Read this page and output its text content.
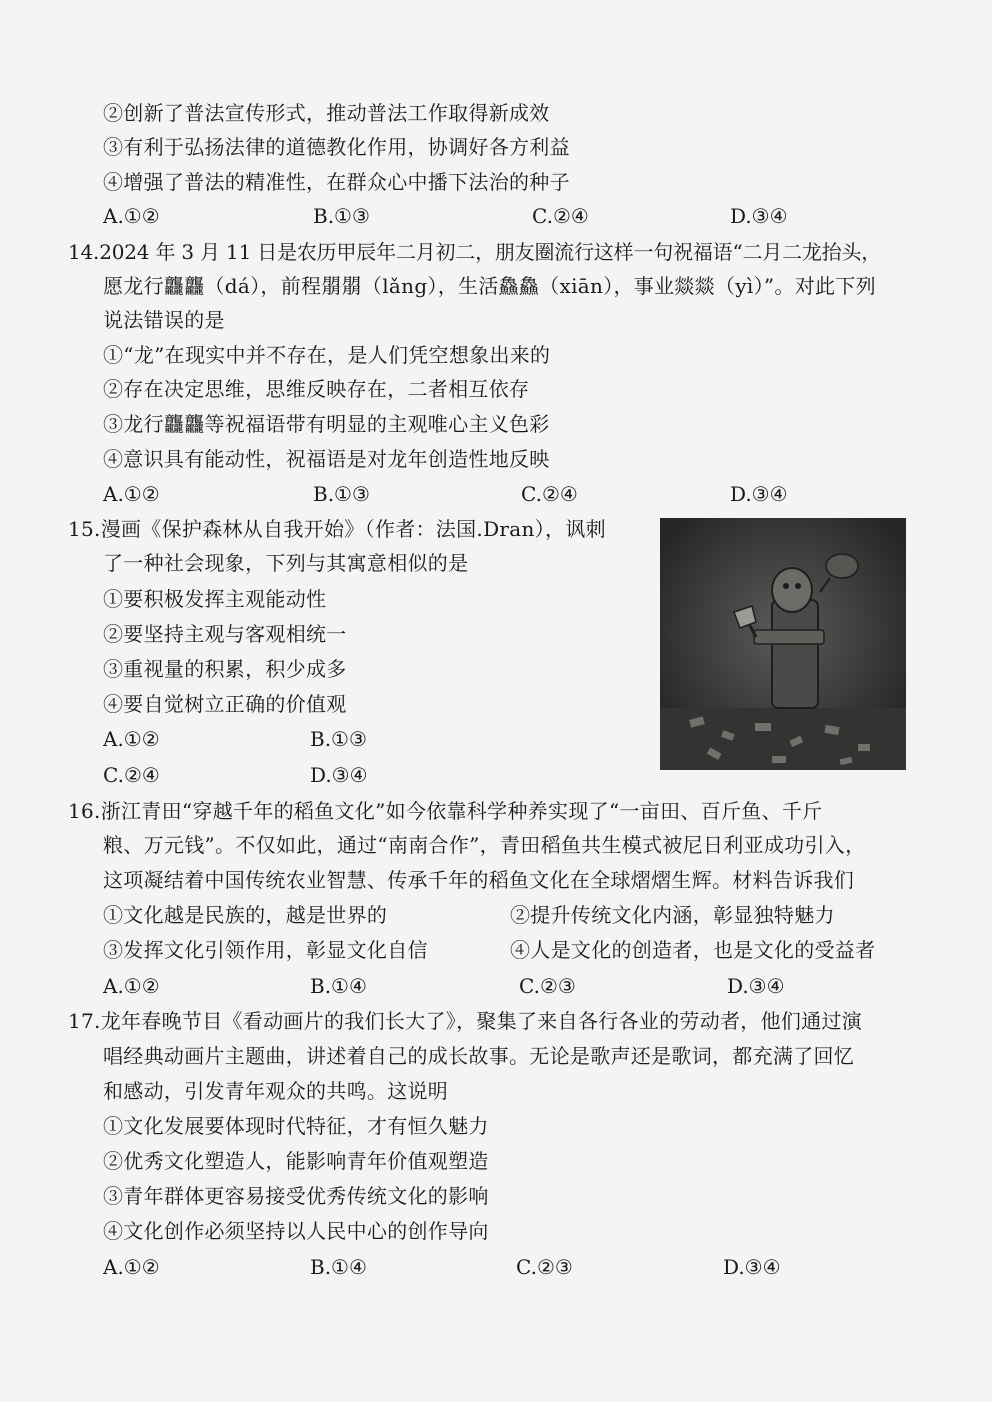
②创新了普法宣传形式，推动普法工作取得新成效
③有利于弘扬法律的道德教化作用，协调好各方利益
④增强了普法的精准性，在群众心中播下法治的种子
A.①②	B.①③	C.②④	D.③④
14.2024 年 3 月 11 日是农历甲辰年二月初二，朋友圈流行这样一句祝福语“二月二龙抬头，
愿龙行龘龘（dá），前程朤朤（lǎng），生活鱻鱻（xiān），事业燚燚（yì）”。对此下列
说法错误的是
①“龙”在现实中并不存在，是人们凭空想象出来的
②存在决定思维，思维反映存在，二者相互依存
③龙行龘龘等祝福语带有明显的主观唯心主义色彩
④意识具有能动性，祝福语是对龙年创造性地反映
A.①②	B.①③	C.②④	D.③④
15.漫画《保护森林从自我开始》（作者：法国.Dran），讽刺
了一种社会现象，下列与其寓意相似的是
①要积极发挥主观能动性
②要坚持主观与客观相统一
③重视量的积累，积少成多
④要自觉树立正确的价值观
A.①②	B.①③
C.②④	D.③④
16.浙江青田“穿越千年的稻鱼文化”如今依靠科学种养实现了“一亩田、百斤鱼、千斤
粮、万元钱”。不仅如此，通过“南南合作”，青田稻鱼共生模式被尼日利亚成功引入，
这项凝结着中国传统农业智慧、传承千年的稻鱼文化在全球熠熠生辉。材料告诉我们
①文化越是民族的，越是世界的	②提升传统文化内涵，彰显独特魅力
③发挥文化引领作用，彰显文化自信	④人是文化的创造者，也是文化的受益者
A.①②	B.①④	C.②③	D.③④
17.龙年春晚节目《看动画片的我们长大了》，聚集了来自各行各业的劳动者，他们通过演
唱经典动画片主题曲，讲述着自己的成长故事。无论是歌声还是歌词，都充满了回忆
和感动，引发青年观众的共鸣。这说明
①文化发展要体现时代特征，才有恒久魅力
②优秀文化塑造人，能影响青年价值观塑造
③青年群体更容易接受优秀传统文化的影响
④文化创作必须坚持以人民中心的创作导向
A.①②	B.①④	C.②③	D.③④
